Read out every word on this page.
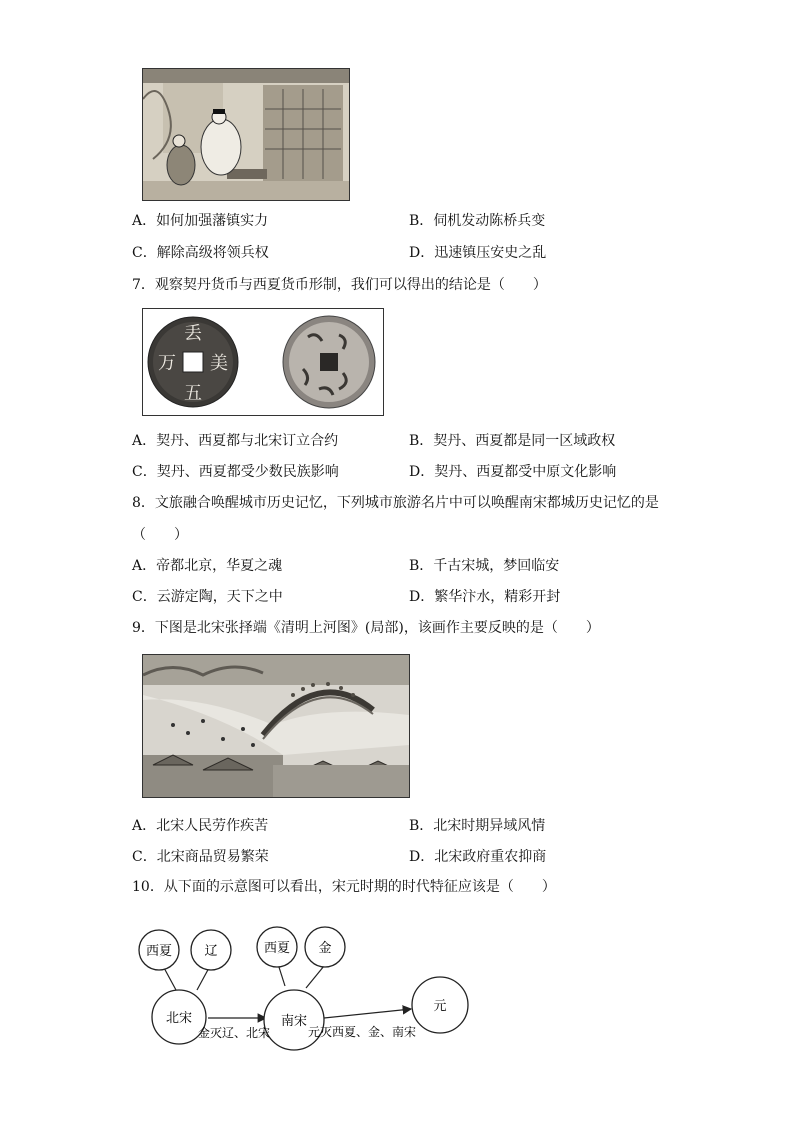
A．如何加强藩镇实力	B．伺机发动陈桥兵变
C．解除高级将领兵权	D．迅速镇压安史之乱
7．观察契丹货币与西夏货币形制，我们可以得出的结论是（　　）
丢
美
五
万
A．契丹、西夏都与北宋订立合约	B．契丹、西夏都是同一区域政权
C．契丹、西夏都受少数民族影响	D．契丹、西夏都受中原文化影响
8．文旅融合唤醒城市历史记忆，下列城市旅游名片中可以唤醒南宋都城历史记忆的是
（　　）
A．帝都北京，华夏之魂	B．千古宋城，梦回临安
C．云游定陶，天下之中	D．繁华汴水，精彩开封
9．下图是北宋张择端《清明上河图》(局部)，该画作主要反映的是（　　）
A．北宋人民劳作疾苦	B．北宋时期异域风情
C．北宋商品贸易繁荣	D．北宋政府重农抑商
10．从下面的示意图可以看出，宋元时期的时代特征应该是（　　）
西夏 辽
北宋
西夏 金
南宋
元
金灭辽、北宋	元灭西夏、金、南宋
